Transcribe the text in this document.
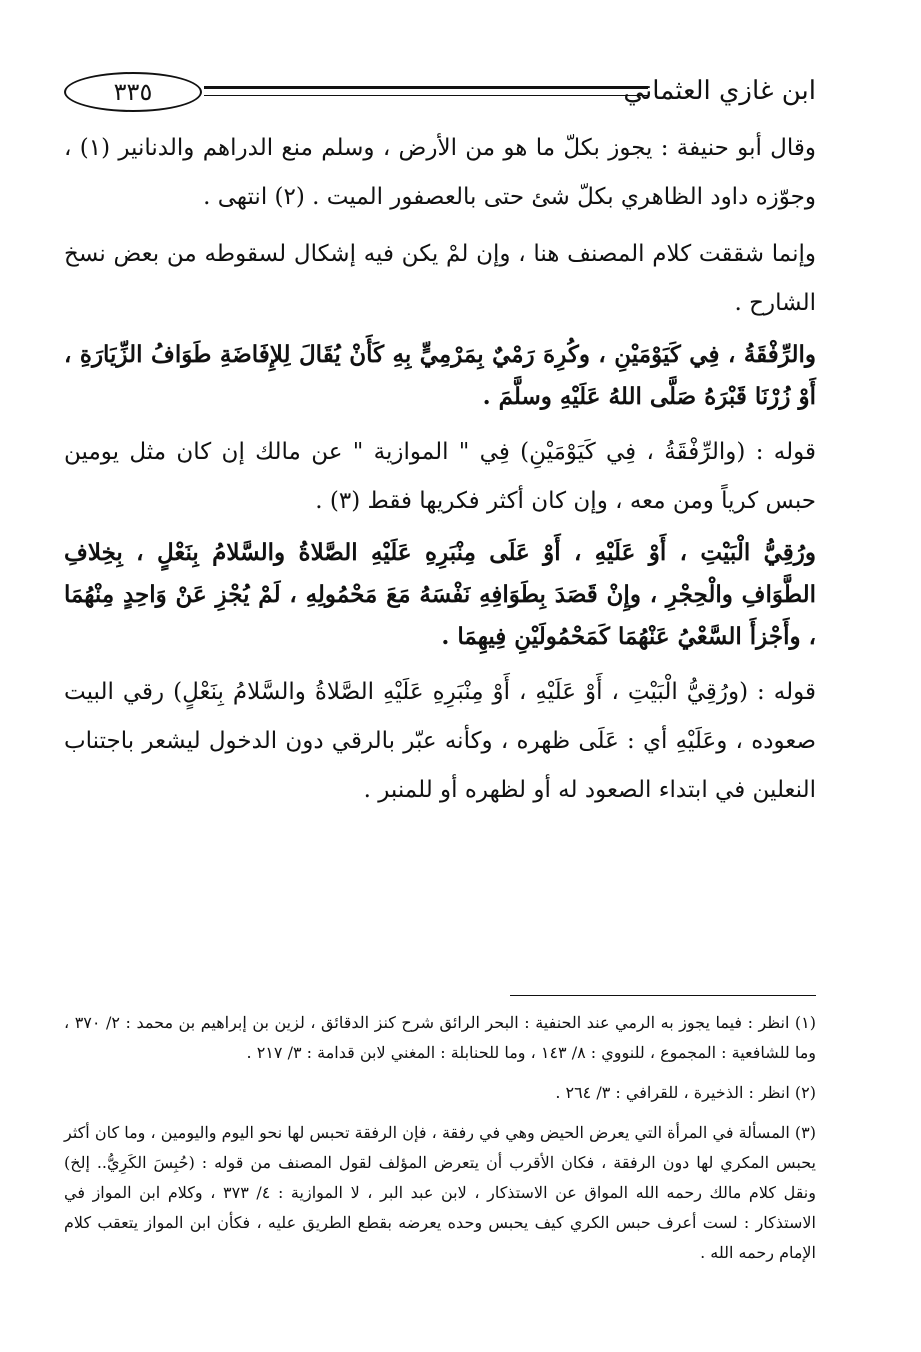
٣٣٥	ابن غازي العثماني

وقال أبو حنيفة : يجوز بكلّ ما هو من الأرض ، وسلم منع الدراهم والدنانير (١) ، وجوّزه داود الظاهري بكلّ شئ حتى بالعصفور الميت . (٢) انتهى .

وإنما شققت كلام المصنف هنا ، وإن لمْ يكن فيه إشكال لسقوطه من بعض نسخ الشارح .

والرِّفْقَةُ ، فِي كَيَوْمَيْنِ ، وكُرِهَ رَمْيٌ بِمَرْمِيٍّ بِهِ كَأَنْ يُقَالَ لِلإِفَاضَةِ طَوَافُ الزِّيَارَةِ ، أَوْ زُرْنَا قَبْرَهُ صَلَّى اللهُ عَلَيْهِ وسلَّمَ .

قوله : (والرِّفْقَةُ ، فِي كَيَوْمَيْنِ) فِي " الموازية " عن مالك إن كان مثل يومين حبس كرياً ومن معه ، وإن كان أكثر فكريها فقط (٣) .

ورُقِيُّ الْبَيْتِ ، أَوْ عَلَيْهِ ، أَوْ عَلَى مِنْبَرِهِ عَلَيْهِ الصَّلاةُ والسَّلامُ بِنَعْلٍ ، بِخِلافِ الطَّوَافِ والْحِجْرِ ، وإِنْ قَصَدَ بِطَوَافِهِ نَفْسَهُ مَعَ مَحْمُولِهِ ، لَمْ يُجْزِ عَنْ وَاحِدٍ مِنْهُمَا ، وأَجْزأَ السَّعْيُ عَنْهُمَا كَمَحْمُولَيْنِ فِيهِمَا .

قوله : (ورُقِيُّ الْبَيْتِ ، أَوْ عَلَيْهِ ، أَوْ مِنْبَرِهِ عَلَيْهِ الصَّلاةُ والسَّلامُ بِنَعْلٍ) رقي البيت صعوده ، وعَلَيْهِ أي : عَلَى ظهره ، وكأنه عبّر بالرقي دون الدخول ليشعر باجتناب النعلين في ابتداء الصعود له أو لظهره أو للمنبر .

(١) انظر : فيما يجوز به الرمي عند الحنفية : البحر الرائق شرح كنز الدقائق ، لزين بن إبراهيم بن محمد : ٢/ ٣٧٠ ، وما للشافعية : المجموع ، للنووي : ٨/ ١٤٣ ، وما للحنابلة : المغني لابن قدامة : ٣/ ٢١٧ .

(٢) انظر : الذخيرة ، للقرافي : ٣/ ٢٦٤ .

(٣) المسألة في المرأة التي يعرض الحيض وهي في رفقة ، فإن الرفقة تحبس لها نحو اليوم واليومين ، وما كان أكثر يحبس المكري لها دون الرفقة ، فكان الأقرب أن يتعرض المؤلف لقول المصنف من قوله : (حُبِسَ الكَرِيُّ.. إلخ) ونقل كلام مالك رحمه الله المواق عن الاستذكار ، لابن عبد البر ، لا الموازية : ٤/ ٣٧٣ ، وكلام ابن المواز في الاستذكار : لست أعرف حبس الكري كيف يحبس وحده يعرضه بقطع الطريق عليه ، فكأن ابن المواز يتعقب كلام الإمام رحمه الله .
